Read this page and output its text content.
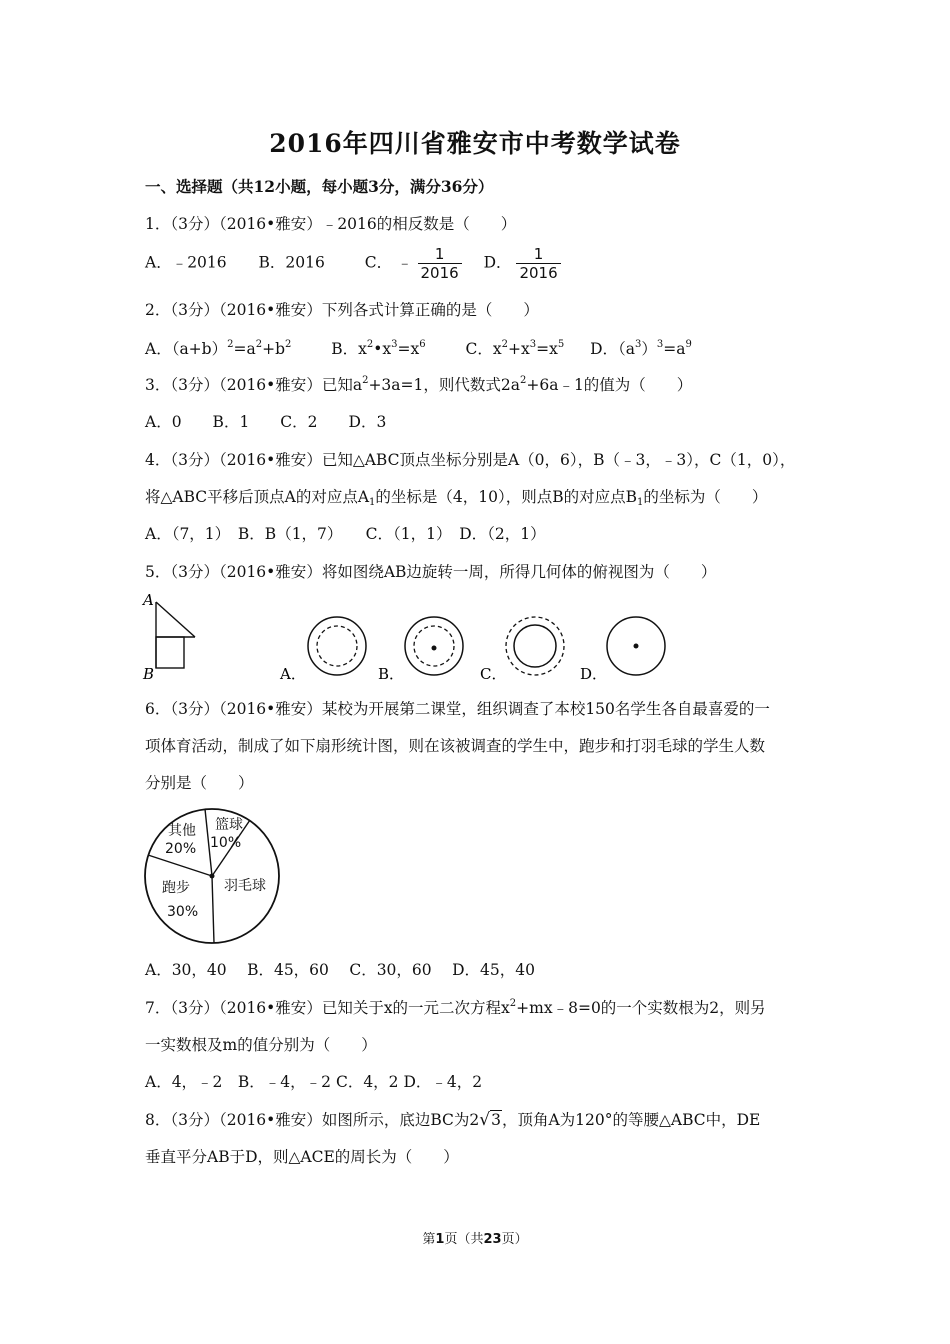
2016年四川省雅安市中考数学试卷
一、选择题（共12小题，每小题3分，满分36分）
1．（3分）（2016•雅安）﹣2016的相反数是（　　）
A．﹣2016 B．2016	C． ﹣ $\frac{1}{2016}$ D． $\frac{1}{2016}$
2．（3分）（2016•雅安）下列各式计算正确的是（　　）
A．$(a+b)^2=a^2+b^2$	B．$x^2•x^3=x^6$	C．$x^2+x^3=x^5$ D．$(a^3)^3=a^9$
3．（3分）（2016•雅安）已知$a^2+3a=1$，则代数式$2a^2+6a﹣1$的值为（　　）
A．0　　B．1　　C．2　　D．3
4．（3分）（2016•雅安）已知△ABC顶点坐标分别是A（0，6），B（﹣3，﹣3），C（1，0），
将△ABC平移后顶点A的对应点$A_1$的坐标是（4，10），则点B的对应点$B_1$的坐标为（　　）
A．（7，1）　B．B（1，7）　　C．（1，1）　D．（2，1）
5．（3分）（2016•雅安）将如图绕AB边旋转一周，所得几何体的俯视图为（　　）
A
B	A．	B．	C．	D．
6．（3分）（2016•雅安）某校为开展第二课堂，组织调查了本校150名学生各自最喜爱的一
项体育活动，制成了如下扇形统计图，则在该被调查的学生中，跑步和打羽毛球的学生人数
分别是（　　）
其他
20%
篮球
10%
羽毛球
跑步
30%
A．30，40　 B．45，60　 C．30，60　 D．45，40
7．（3分）（2016•雅安）已知关于x的一元二次方程$x^2+mx﹣8=0$的一个实数根为2，则另
一实数根及m的值分别为（　　）
A．4，﹣2　B．﹣4，﹣2 C．4，2 D．﹣4，2
8．（3分）（2016•雅安）如图所示，底边BC为2√3，顶角A为120°的等腰△ABC中，DE
垂直平分AB于D，则△ACE的周长为（　　）
第1页（共23页）
